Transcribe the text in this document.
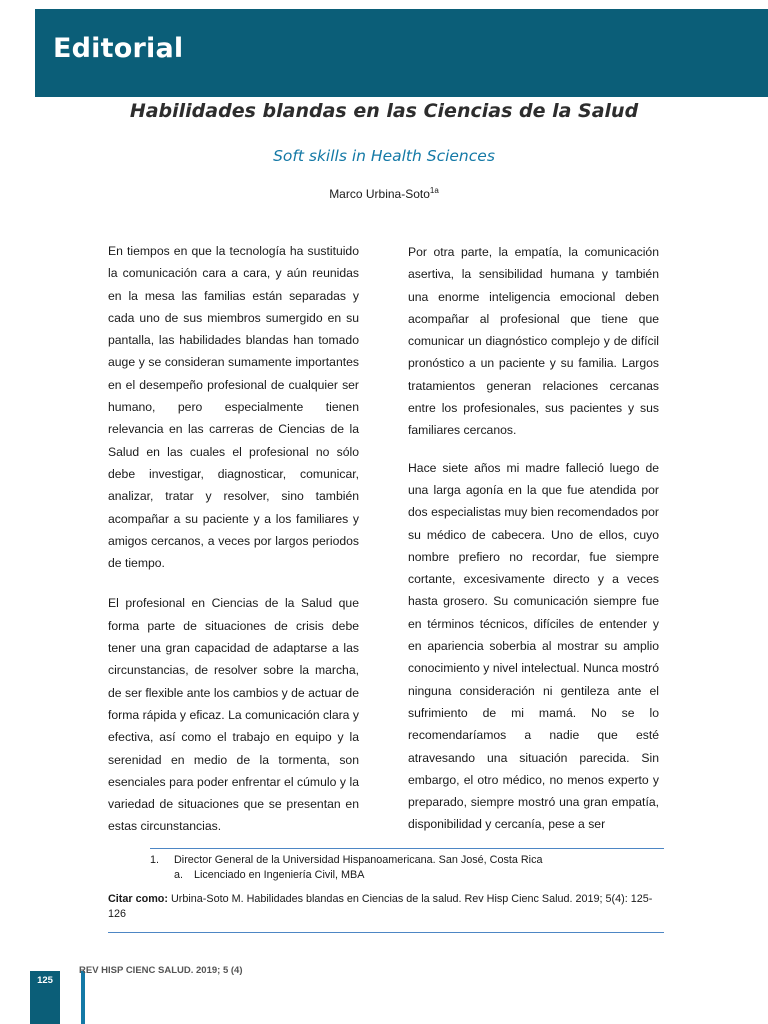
Editorial
Habilidades blandas en las Ciencias de la Salud
Soft skills in Health Sciences
Marco Urbina-Soto$^{1a}$

En tiempos en que la tecnología ha sustituido la comunicación cara a cara, y aún reunidas en la mesa las familias están separadas y cada uno de sus miembros sumergido en su pantalla, las habilidades blandas han tomado auge y se consideran sumamente importantes en el desempeño profesional de cualquier ser humano, pero especialmente tienen relevancia en las carreras de Ciencias de la Salud en las cuales el profesional no sólo debe investigar, diagnosticar, comunicar, analizar, tratar y resolver, sino también acompañar a su paciente y a los familiares y amigos cercanos, a veces por largos periodos de tiempo.

El profesional en Ciencias de la Salud que forma parte de situaciones de crisis debe tener una gran capacidad de adaptarse a las circunstancias, de resolver sobre la marcha, de ser flexible ante los cambios y de actuar de forma rápida y eficaz. La comunicación clara y efectiva, así como el trabajo en equipo y la serenidad en medio de la tormenta, son esenciales para poder enfrentar el cúmulo y la variedad de situaciones que se presentan en estas circunstancias.

Por otra parte, la empatía, la comunicación asertiva, la sensibilidad humana y también una enorme inteligencia emocional deben acompañar al profesional que tiene que comunicar un diagnóstico complejo y de difícil pronóstico a un paciente y su familia. Largos tratamientos generan relaciones cercanas entre los profesionales, sus pacientes y sus familiares cercanos.

Hace siete años mi madre falleció luego de una larga agonía en la que fue atendida por dos especialistas muy bien recomendados por su médico de cabecera. Uno de ellos, cuyo nombre prefiero no recordar, fue siempre cortante, excesivamente directo y a veces hasta grosero. Su comunicación siempre fue en términos técnicos, difíciles de entender y en apariencia soberbia al mostrar su amplio conocimiento y nivel intelectual. Nunca mostró ninguna consideración ni gentileza ante el sufrimiento de mi mamá. No se lo recomendaríamos a nadie que esté atravesando una situación parecida. Sin embargo, el otro médico, no menos experto y preparado, siempre mostró una gran empatía, disponibilidad y cercanía, pese a ser

1. Director General de la Universidad Hispanoamericana. San José, Costa Rica
a. Licenciado en Ingeniería Civil, MBA
Citar como: Urbina-Soto M. Habilidades blandas en Ciencias de la salud. Rev Hisp Cienc Salud. 2019; 5(4): 125-126
125
REV HISP CIENC SALUD. 2019; 5 (4)
